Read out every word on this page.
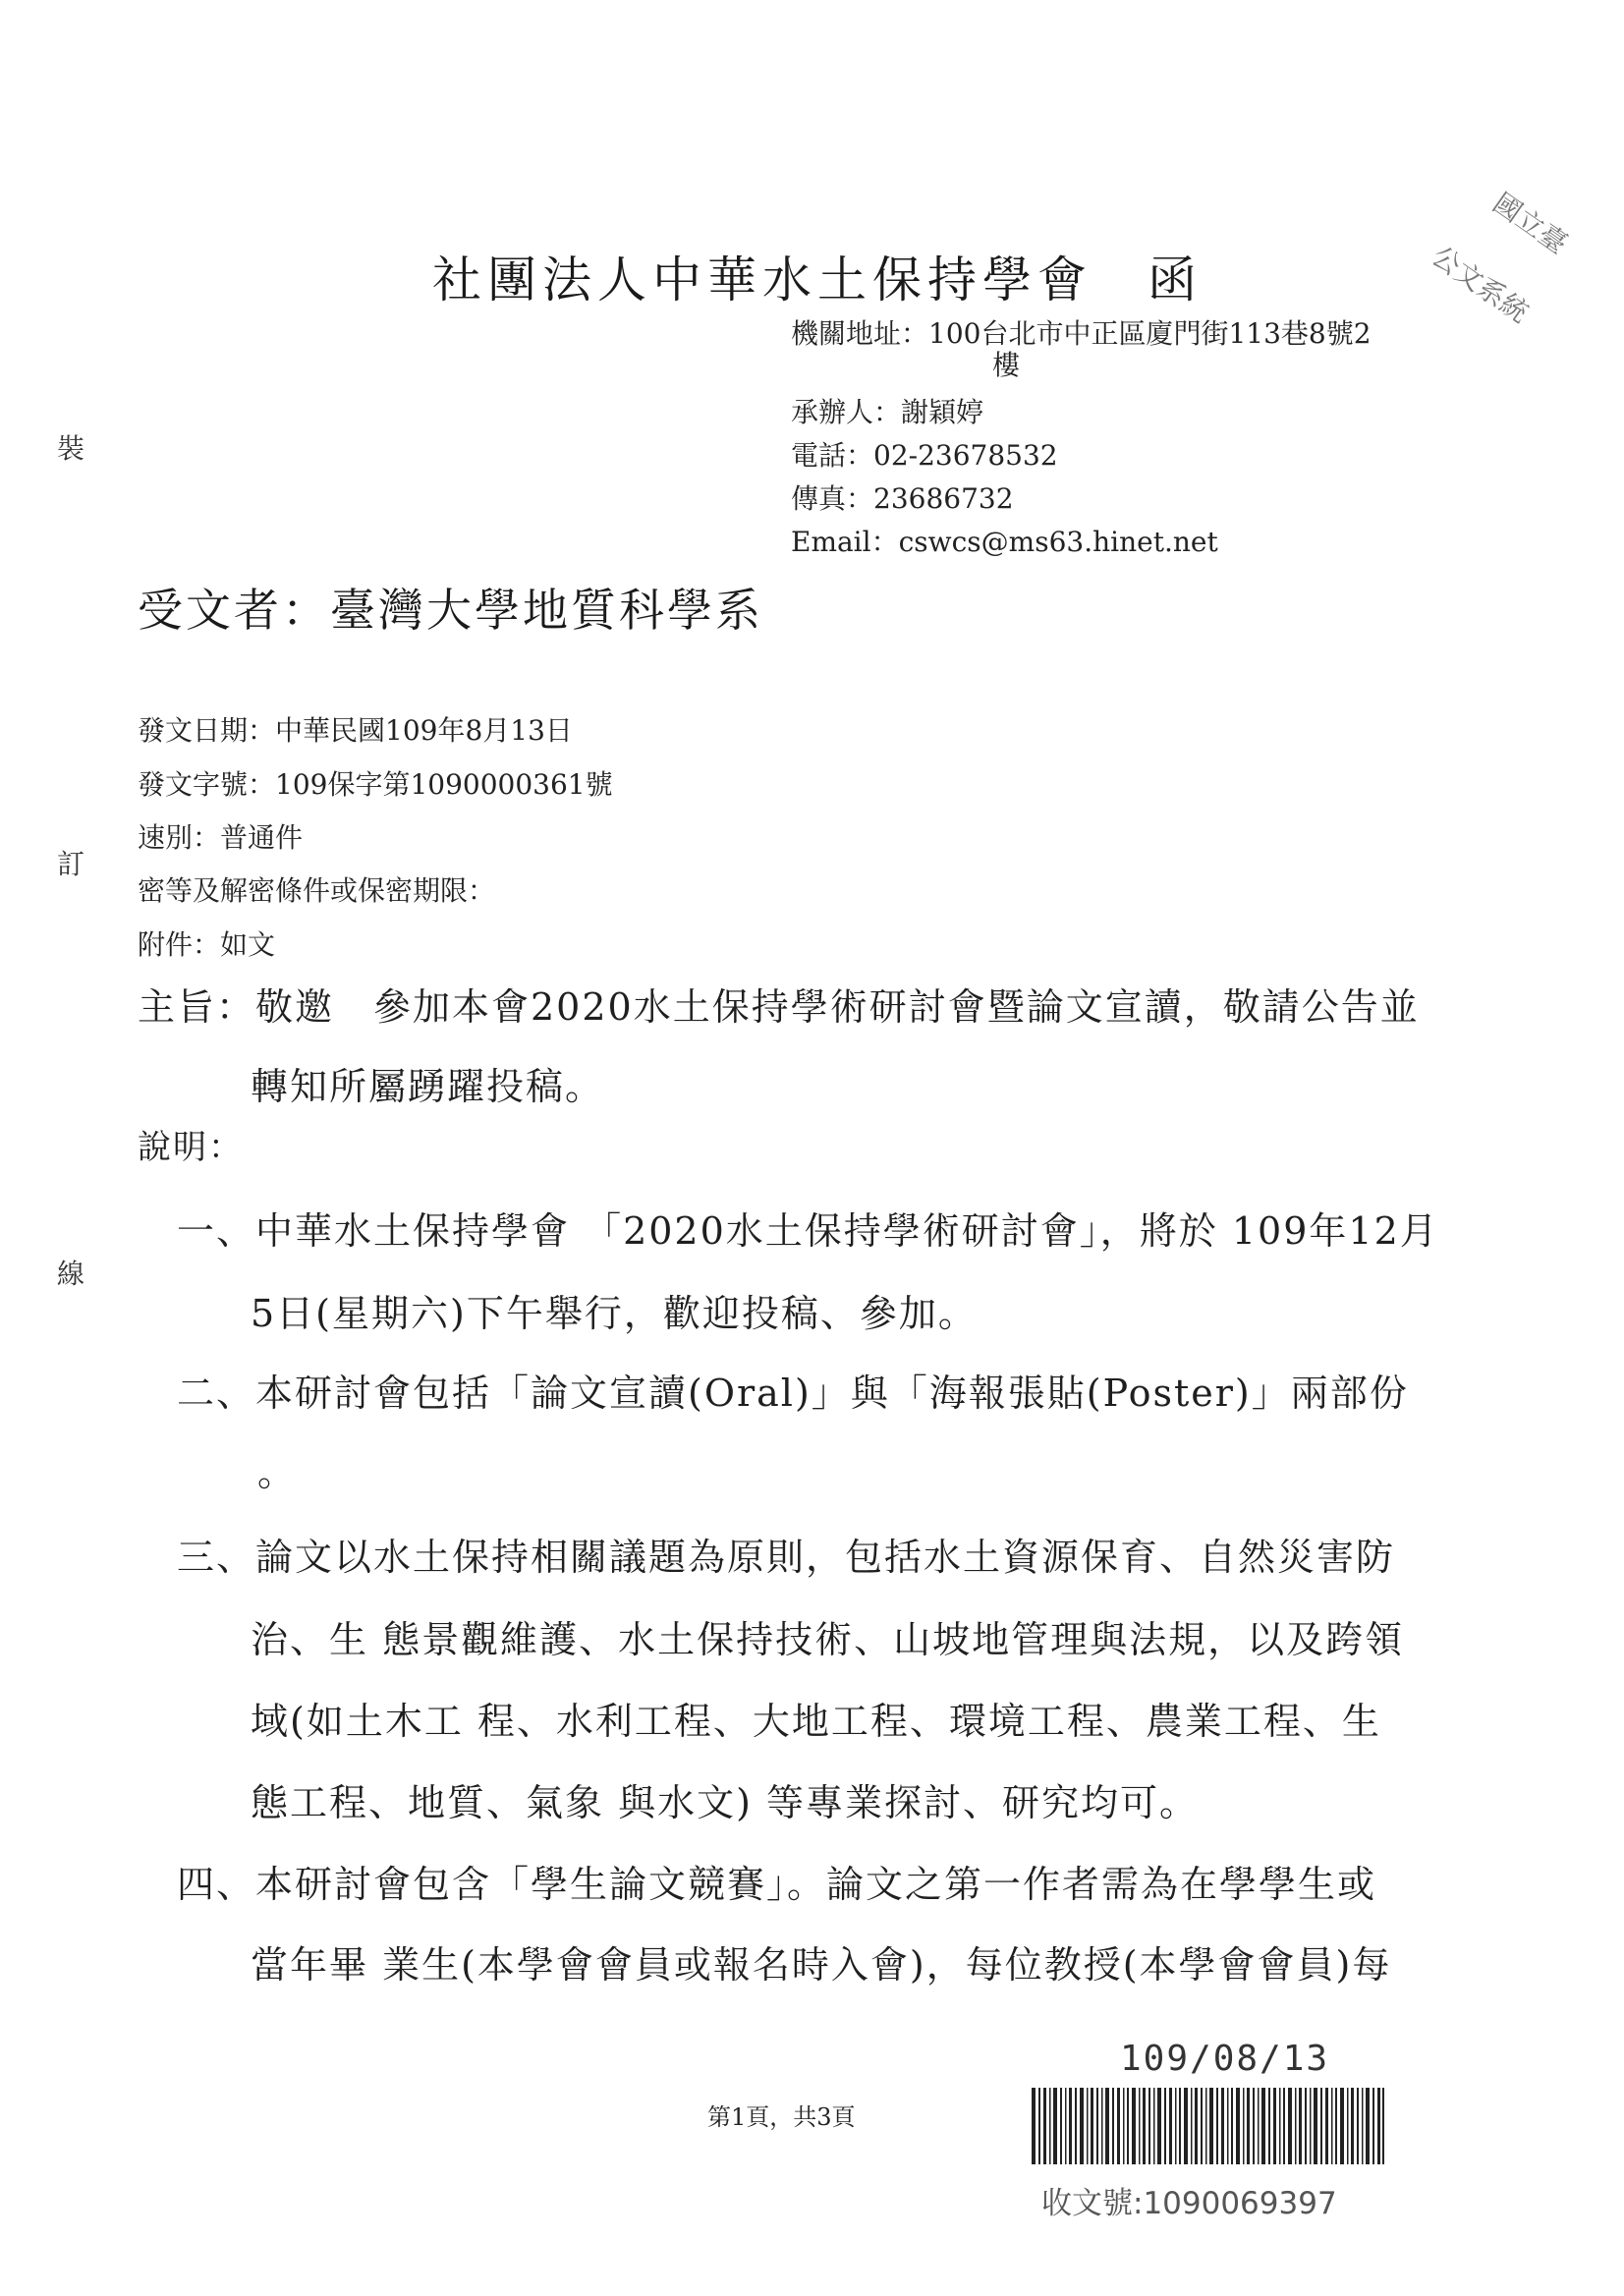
裝
訂
線
社團法人中華水土保持學會　函
國立臺
公文系統
機關地址：100台北市中正區廈門街113巷8號2
樓
承辦人：謝穎婷
電話：02-23678532
傳真：23686732
Email：cswcs@ms63.hinet.net
受文者：臺灣大學地質科學系
發文日期：中華民國109年8月13日
發文字號：109保字第1090000361號
速別：普通件
密等及解密條件或保密期限：
附件：如文
主旨：敬邀　參加本會2020水土保持學術研討會暨論文宣讀，敬請公告並
轉知所屬踴躍投稿。
說明：
一、中華水土保持學會 「2020水土保持學術研討會」，將於 109年12月
5日(星期六)下午舉行，歡迎投稿、參加。
二、本研討會包括「論文宣讀(Oral)」與「海報張貼(Poster)」兩部份
。
三、論文以水土保持相關議題為原則，包括水土資源保育、自然災害防
治、生 態景觀維護、水土保持技術、山坡地管理與法規，以及跨領
域(如土木工 程、水利工程、大地工程、環境工程、農業工程、生
態工程、地質、氣象 與水文) 等專業探討、研究均可。
四、本研討會包含「學生論文競賽」。論文之第一作者需為在學學生或
當年畢 業生(本學會會員或報名時入會)，每位教授(本學會會員)每
109/08/13
第1頁，共3頁
收文號:1090069397
